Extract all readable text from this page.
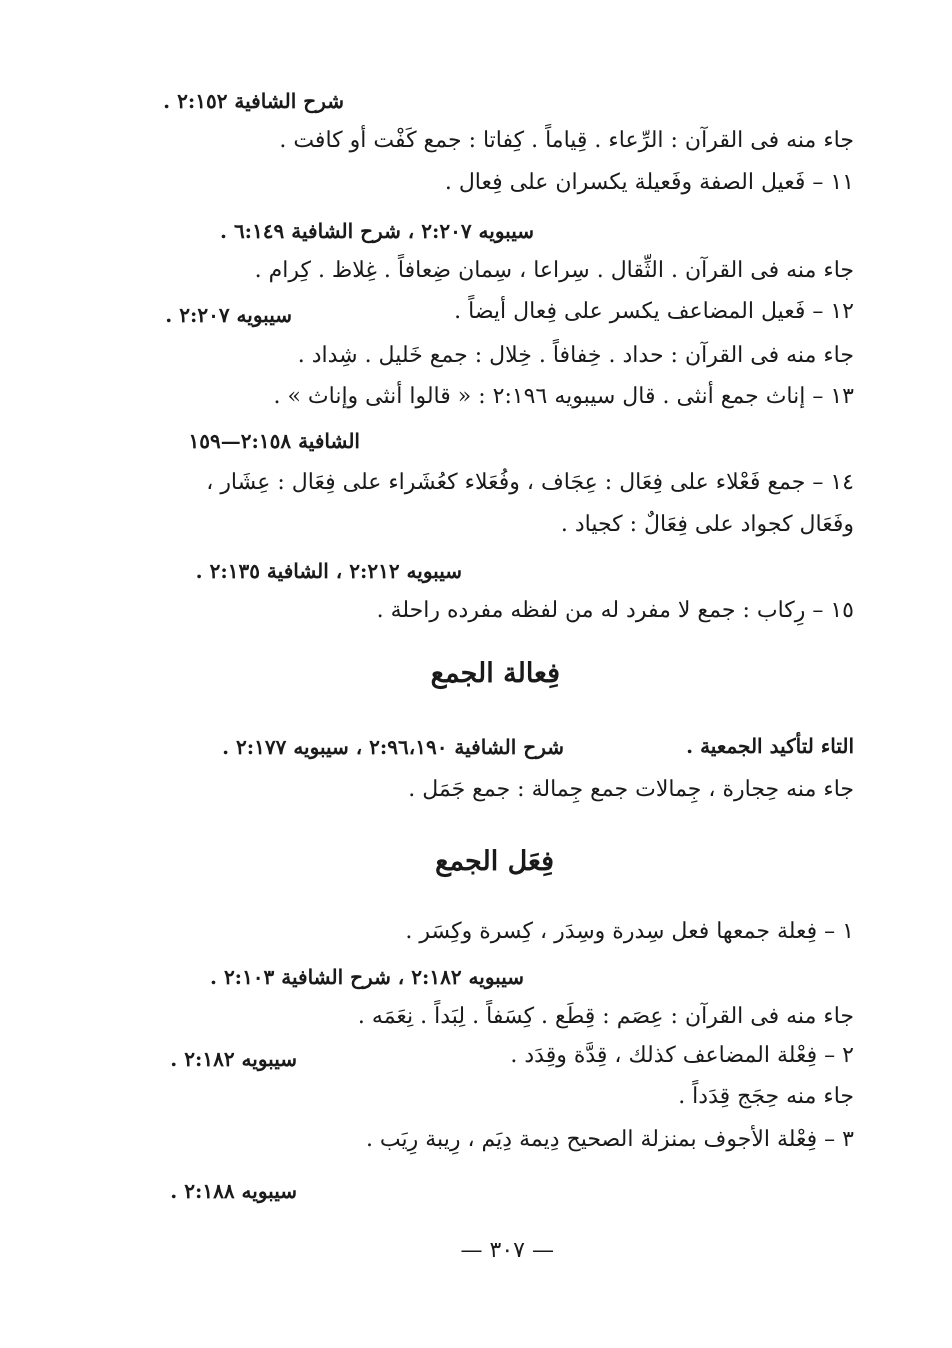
شرح الشافية ٢:١٥٢ .
جاء منه فى القرآن : الرِّعاء . قِياماً . كِفاتا : جمع كَفْت أو كافت .
١١ – فَعيل الصفة وفَعيلة يكسران على فِعال .
سيبويه ٢:٢٠٧ ، شرح الشافية ٦:١٤٩ .
جاء منه فى القرآن . الثِّقال . سِراعا ، سِمان ضِعافاً . غِلاظ . كِرام .
١٢ – فَعيل المضاعف يكسر على فِعال أيضاً .
سيبويه ٢:٢٠٧ .
جاء منه فى القرآن : حداد . خِفافاً . خِلال : جمع خَليل . شِداد .
١٣ – إناث جمع أنثى . قال سيبويه ٢:١٩٦ : « قالوا أنثى وإناث » .
الشافية ٢:١٥٨—١٥٩
١٤ – جمع فَعْلاء على فِعَال : عِجَاف ، وفُعَلاء كعُشَراء على فِعَال : عِشَار ،
وفَعَال كجواد على فِعَالٌ : كجياد .
سيبويه ٢:٢١٢ ، الشافية ٢:١٣٥ .
١٥ – رِكاب : جمع لا مفرد له من لفظه مفرده راحلة .
فِعالة الجمع
التاء لتأكيد الجمعية .
شرح الشافية ٢:٩٦،١٩٠ ، سيبويه ٢:١٧٧ .
جاء منه حِجارة ، جِمالات جمع جِمالة : جمع جَمَل .
فِعَل الجمع
١ – فِعلة جمعها فعل سِدرة وسِدَر ، كِسرة وكِسَر .
سيبويه ٢:١٨٢ ، شرح الشافية ٢:١٠٣ .
جاء منه فى القرآن : عِصَم : قِطَع . كِسَفاً . لِبَداً . نِعَمَه .
٢ – فِعْلة المضاعف كذلك ، قِدَّة وقِدَد .
سيبويه ٢:١٨٢ .
جاء منه حِجَج قِدَداً .
٣ – فِعْلة الأجوف بمنزلة الصحيح دِيمة دِيَم ، رِيبة رِيَب .
سيبويه ٢:١٨٨ .
— ٣٠٧ —
